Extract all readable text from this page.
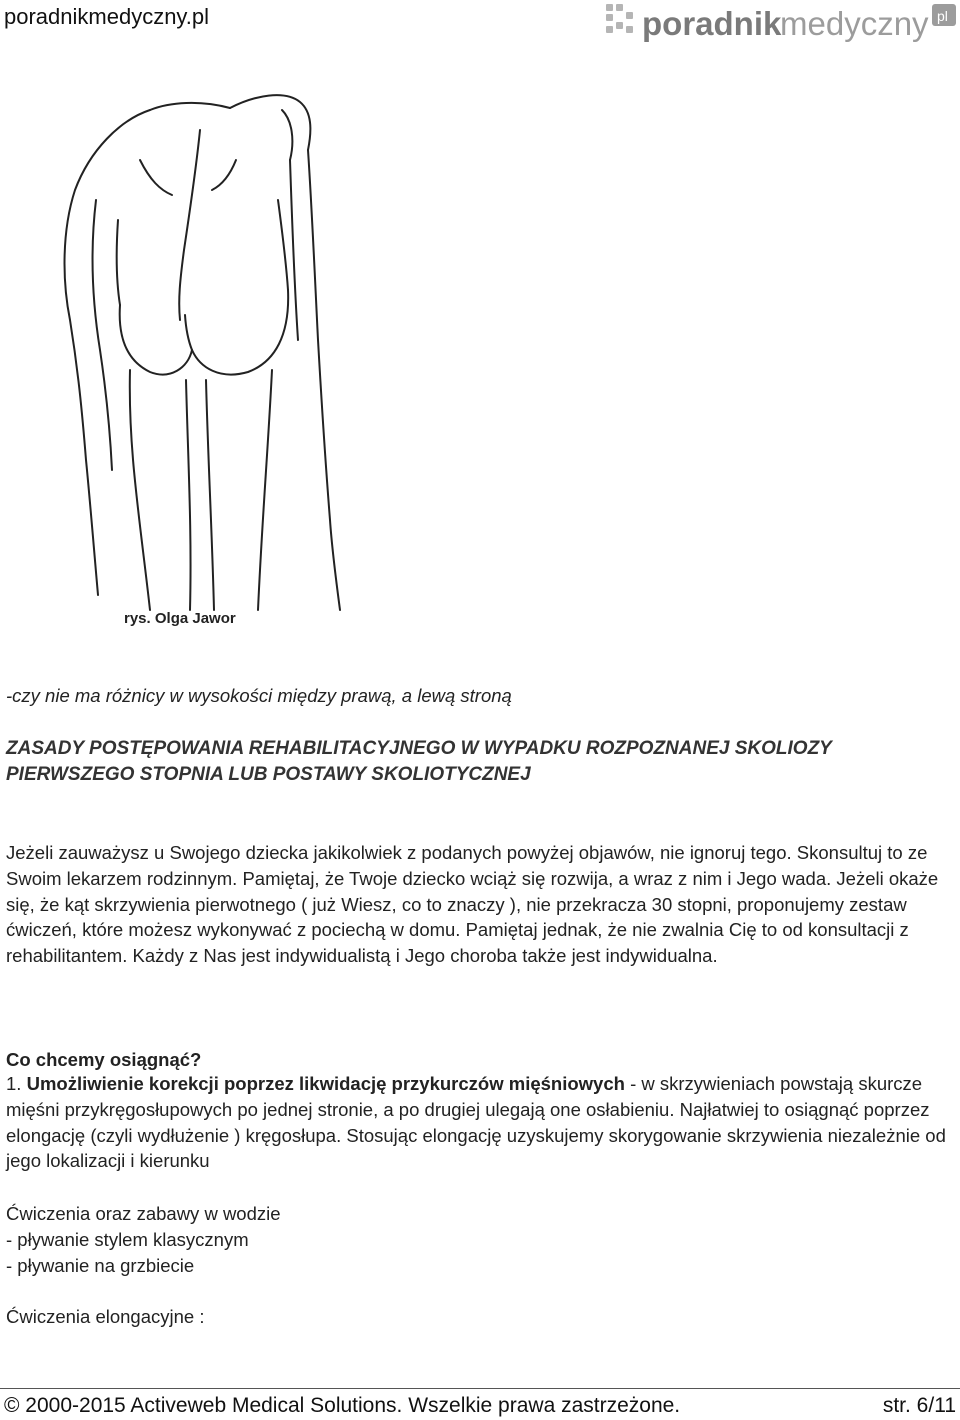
poradnikmedyczny.pl	poradnik
medyczny pl
rys. Olga Jawor
-czy nie ma różnicy w wysokości między prawą, a lewą stroną
ZASADY POSTĘPOWANIA REHABILITACYJNEGO W WYPADKU ROZPOZNANEJ SKOLIOZY
PIERWSZEGO STOPNIA LUB POSTAWY SKOLIOTYCZNEJ
Jeżeli zauważysz u Swojego dziecka jakikolwiek z podanych powyżej objawów, nie ignoruj tego. Skonsultuj to ze Swoim lekarzem rodzinnym. Pamiętaj, że Twoje dziecko wciąż się rozwija, a wraz z nim i Jego wada. Jeżeli okaże się, że kąt skrzywienia pierwotnego ( już Wiesz, co to znaczy ), nie przekracza 30 stopni, proponujemy zestaw ćwiczeń, które możesz wykonywać z pociechą w domu. Pamiętaj jednak, że nie zwalnia Cię to od konsultacji z rehabilitantem. Każdy z Nas jest indywidualistą i Jego choroba także jest indywidualna.
Co chcemy osiągnąć?
1. Umożliwienie korekcji poprzez likwidację przykurczów mięśniowych - w skrzywieniach powstają skurcze mięśni przykręgosłupowych po jednej stronie, a po drugiej ulegają one osłabieniu. Najłatwiej to osiągnąć poprzez elongację (czyli wydłużenie ) kręgosłupa. Stosując elongację uzyskujemy skorygowanie skrzywienia niezależnie od jego lokalizacji i kierunku
Ćwiczenia oraz zabawy w wodzie
- pływanie stylem klasycznym
- pływanie na grzbiecie
Ćwiczenia elongacyjne :
© 2000-2015 Activeweb Medical Solutions. Wszelkie prawa zastrzeżone.	str. 6/11
